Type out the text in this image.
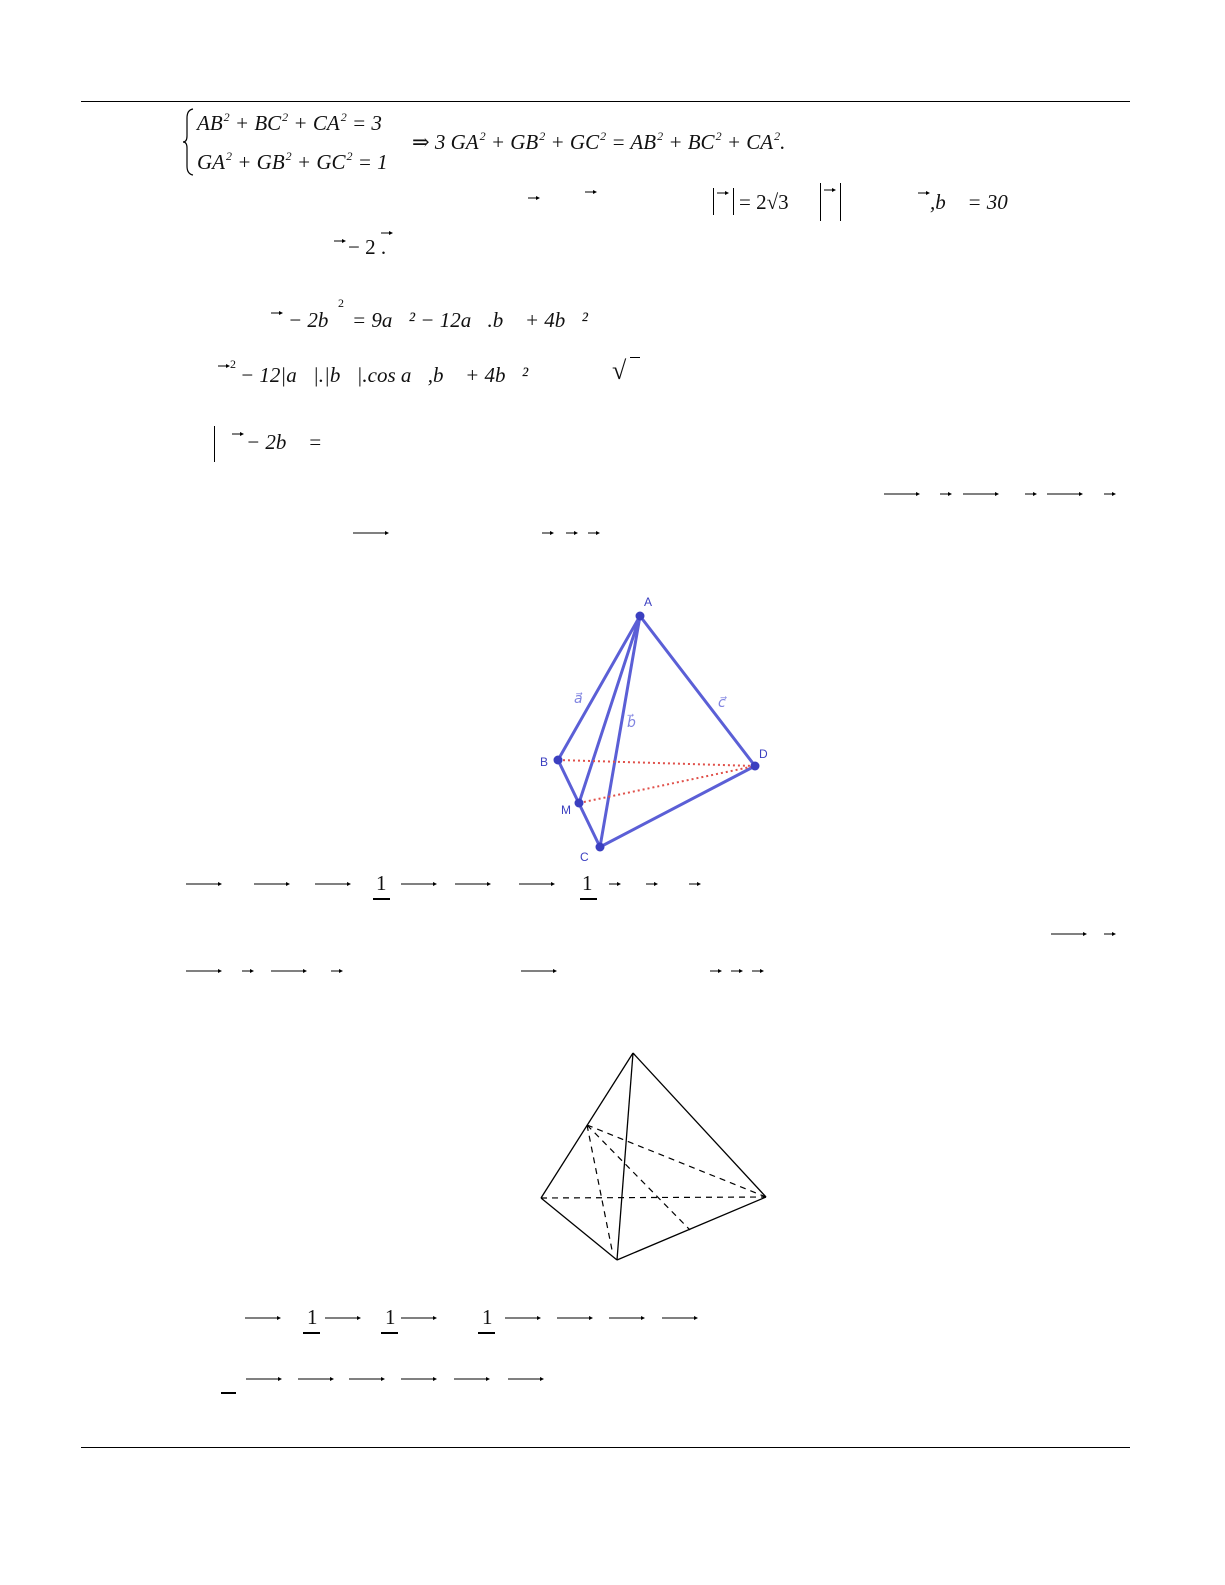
$AB^2 + BC^2 + CA^2 = 3$
$GA^2 + GB^2 + GC^2 = 1$
⇒ 3 $GA^2 + GB^2 + GC^2 = AB^2 + BC^2 + CA^2$.
= 2√3	,b⃗ = 30
− 2 .
− 2b⃗
2
= 9a⃗² − 12a⃗.b⃗ + 4b⃗²
2 − 12|a⃗|.|b⃗|.cos a⃗,b⃗ + 4b⃗²	√
− 2b⃗ =
A
B
C
D
M
a⃗
b⃗
c⃗
1	1
1	1	1
